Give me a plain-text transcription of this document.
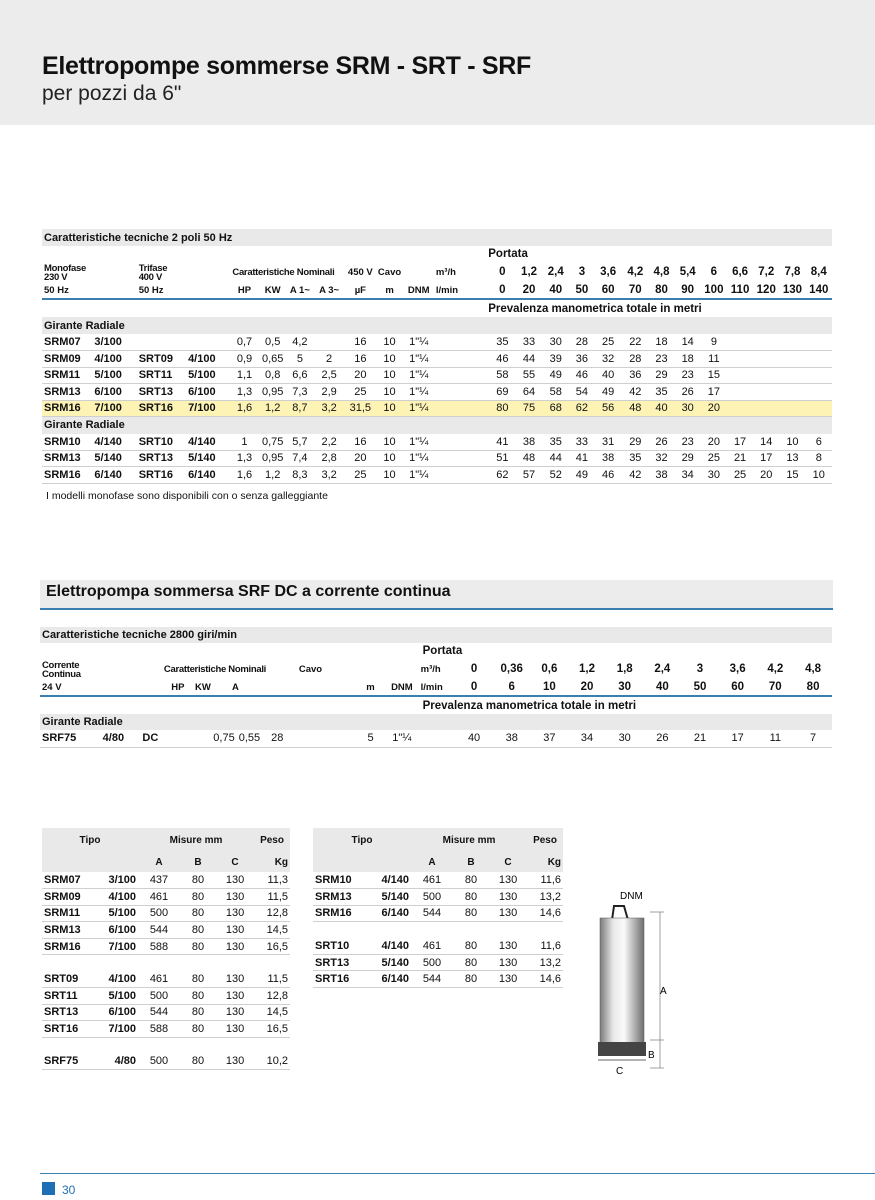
Elettropompe sommerse SRM - SRT - SRF
per pozzi da 6"
Caratteristiche tecniche 2 poli 50 Hz																								
												Portata												
Monofase
230 V		Trifase
400 V		Caratteristiche Nominali				450 V	Cavo		m³/h	0	1,2	2,4	3	3,6	4,2	4,8	5,4	6	6,6	7,2	7,8	8,4
50 Hz		50 Hz		HP	KW	A 1~	A 3~	µF	m	DNM	l/min	0	20	40	50	60	70	80	90	100	110	120	130	140
												Prevalenza manometrica totale in metri												
Girante Radiale																								
SRM07	3/100			0,7	0,5	4,2		16	10	1"¼		35	33	30	28	25	22	18	14	9				
SRM09	4/100	SRT09	4/100	0,9	0,65	5	2	16	10	1"¼		46	44	39	36	32	28	23	18	11				
SRM11	5/100	SRT11	5/100	1,1	0,8	6,6	2,5	20	10	1"¼		58	55	49	46	40	36	29	23	15				
SRM13	6/100	SRT13	6/100	1,3	0,95	7,3	2,9	25	10	1"¼		69	64	58	54	49	42	35	26	17				
SRM16	7/100	SRT16	7/100	1,6	1,2	8,7	3,2	31,5	10	1"¼		80	75	68	62	56	48	40	30	20				
Girante Radiale																								
SRM10	4/140	SRT10	4/140	1	0,75	5,7	2,2	16	10	1"¼		41	38	35	33	31	29	26	23	20	17	14	10	6
SRM13	5/140	SRT13	5/140	1,3	0,95	7,4	2,8	20	10	1"¼		51	48	44	41	38	35	32	29	25	21	17	13	8
SRM16	6/140	SRT16	6/140	1,6	1,2	8,3	3,2	25	10	1"¼		62	57	52	49	46	42	38	34	30	25	20	15	10
I modelli monofase sono disponibili con o senza galleggiante
Elettropompa sommersa SRF DC a corrente continua
Caratteristiche tecniche 2800 giri/min																		
								Portata										
Corrente
Continua		Caratteristiche Nominali			Cavo			m³/h	0	0,36	0,6	1,2	1,8	2,4	3	3,6	4,2	4,8
24 V		HP KW A				m	DNM	l/min	0	6	10	20	30	40	50	60	70	80
								Prevalenza manometrica totale in metri										
Girante Radiale																		
SRF75	4/80	DC 0,75 0,55 28				5	1"¼		40	38	37	34	30	26	21	17	11	7
Tipo		Misure mm			Peso
		A	B	C	Kg
SRM07	3/100	437	80	130	11,3
SRM09	4/100	461	80	130	11,5
SRM11	5/100	500	80	130	12,8
SRM13	6/100	544	80	130	14,5
SRM16	7/100	588	80	130	16,5

SRT09	4/100	461	80	130	11,5
SRT11	5/100	500	80	130	12,8
SRT13	6/100	544	80	130	14,5
SRT16	7/100	588	80	130	16,5

SRF75	4/80	500	80	130	10,2
Tipo		Misure mm			Peso
		A	B	C	Kg
SRM10	4/140	461	80	130	11,6
SRM13	5/140	500	80	130	13,2
SRM16	6/140	544	80	130	14,6

SRT10	4/140	461	80	130	11,6
SRT13	5/140	500	80	130	13,2
SRT16	6/140	544	80	130	14,6
DNM
C
A
B
30
